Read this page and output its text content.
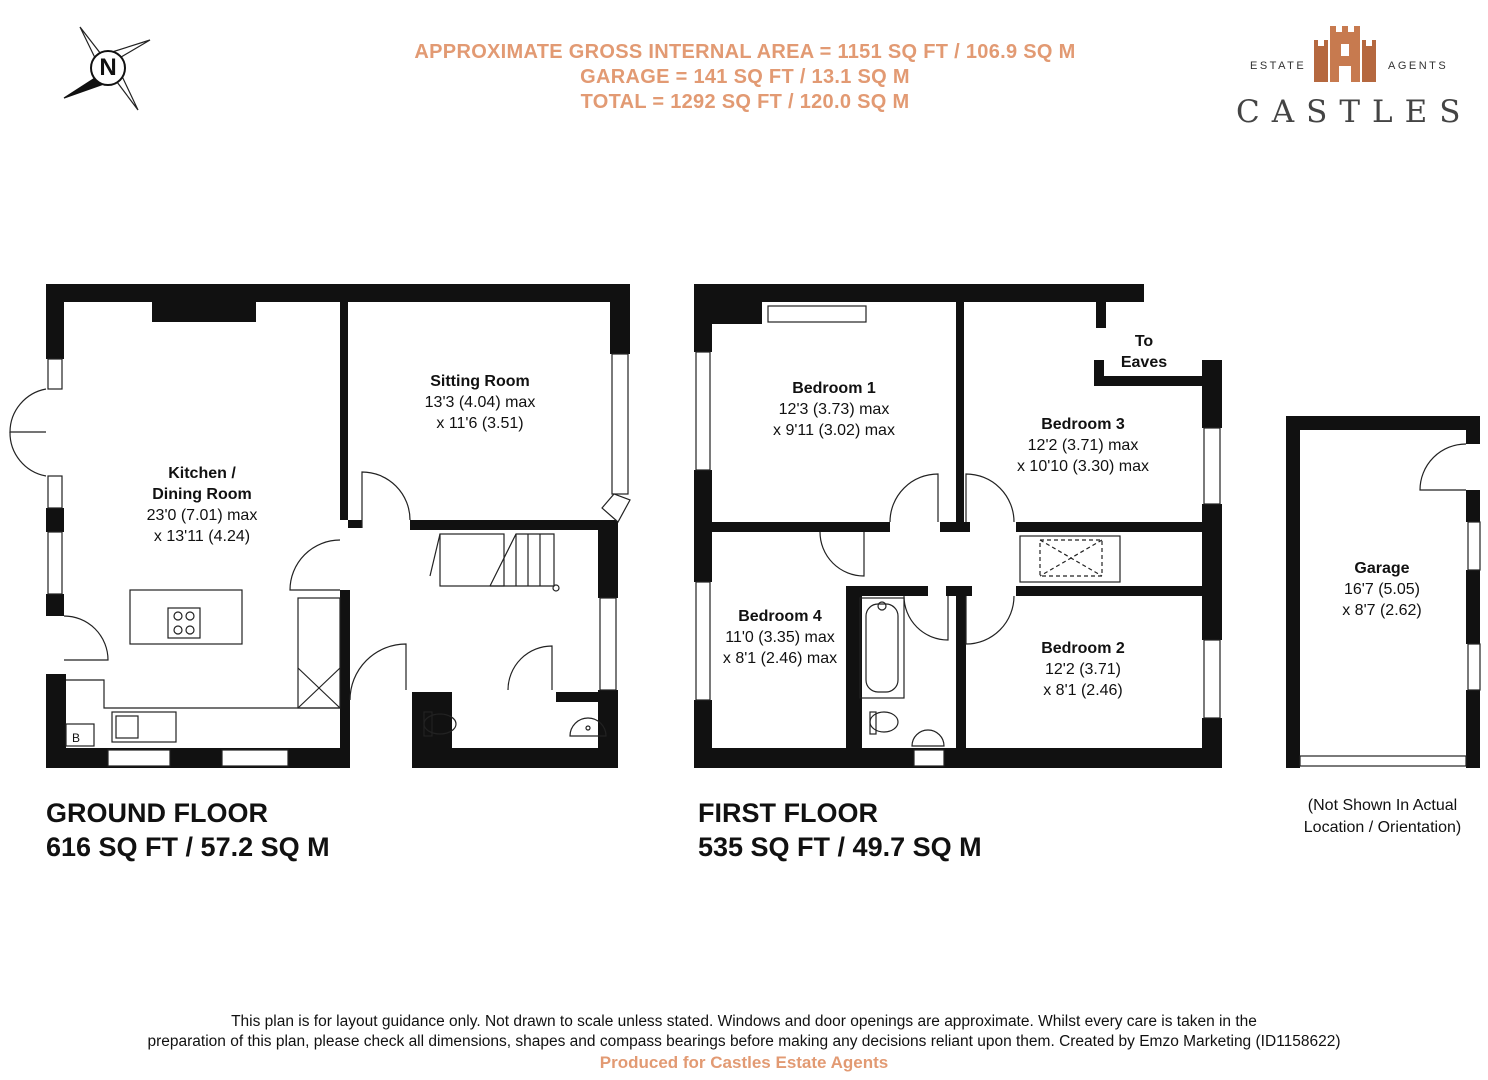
APPROXIMATE GROSS INTERNAL AREA = 1151 SQ FT / 106.9 SQ M
GARAGE = 141 SQ FT / 13.1 SQ M
TOTAL = 1292 SQ FT / 120.0 SQ M
N	ESTATE	AGENTS
CASTLES
Kitchen /
Dining Room
23'0 (7.01) max
x 13'11 (4.24)
Sitting Room
13'3 (4.04) max
x 11'6 (3.51)
B
Bedroom 1
12'3 (3.73) max
x 9'11 (3.02) max	Bedroom 3
12'2 (3.71) max
x 10'10 (3.30) max
Bedroom 4
11'0 (3.35) max
x 8'1 (2.46) max
Bedroom 2
12'2 (3.71)
x 8'1 (2.46)
To
Eaves
Garage
16'7 (5.05)
x 8'7 (2.62)
(Not Shown In Actual
Location / Orientation)
GROUND FLOOR
616 SQ FT / 57.2 SQ M
FIRST FLOOR
535 SQ FT / 49.7 SQ M
This plan is for layout guidance only. Not drawn to scale unless stated. Windows and door openings are approximate. Whilst every care is taken in the
preparation of this plan, please check all dimensions, shapes and compass bearings before making any decisions reliant upon them. Created by Emzo Marketing (ID1158622)
Produced for Castles Estate Agents
